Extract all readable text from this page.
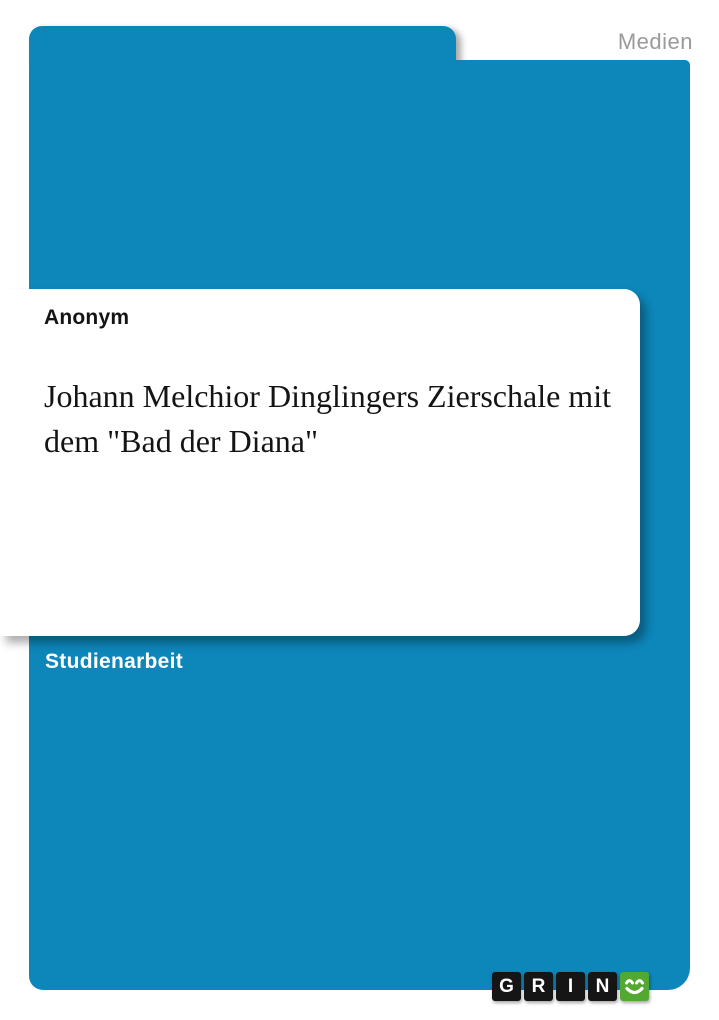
Medien
Anonym
Johann Melchior Dinglingers Zierschale mit dem "Bad der Diana"
Studienarbeit
G R	I	N
